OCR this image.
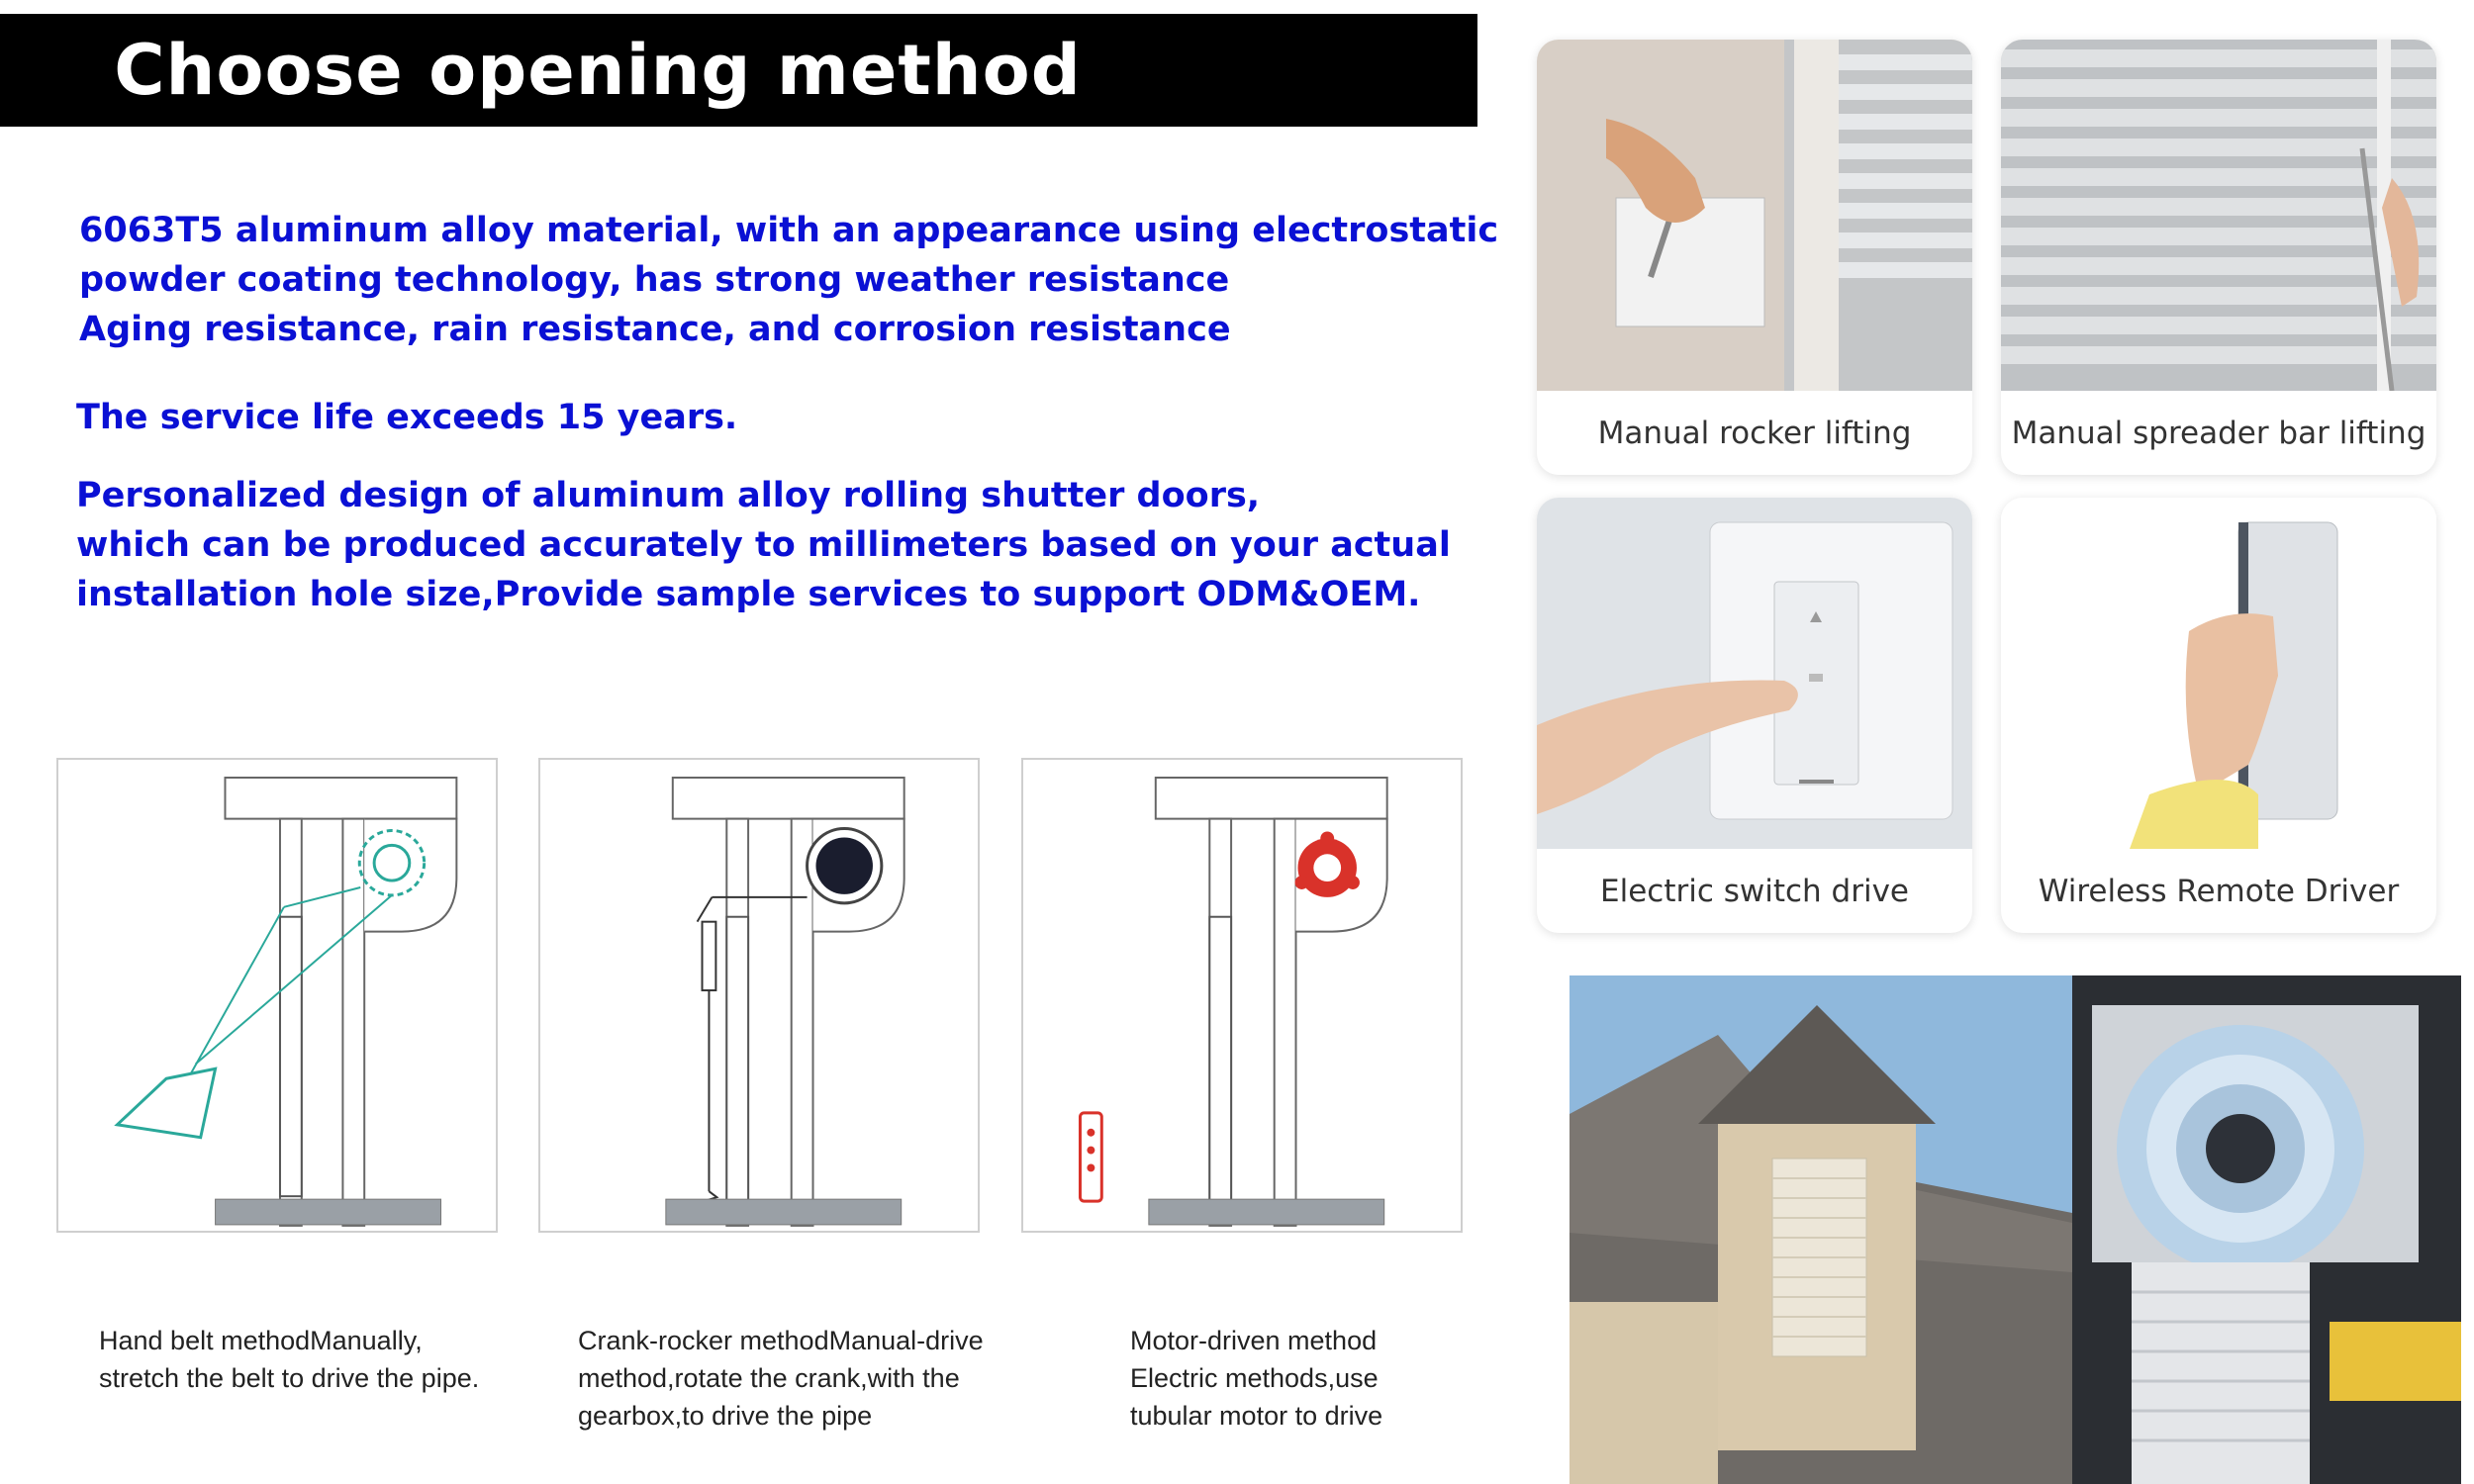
Choose opening method
6063T5 aluminum alloy material, with an appearance using electrostatic
powder coating technology, has strong weather resistance
Aging resistance, rain resistance, and corrosion resistance
The service life exceeds 15 years.
Personalized design of aluminum alloy rolling shutter doors,
which can be produced accurately to millimeters based on your actual
installation hole size,Provide sample services to support ODM&OEM.
Hand belt methodManually,
stretch the belt to drive the pipe.
Crank-rocker methodManual-drive
method,rotate the crank,with the
gearbox,to drive the pipe
Motor-driven method
Electric methods,use
tubular motor to drive
Manual rocker lifting	Manual spreader bar lifting
Electric switch drive	Wireless Remote Driver
